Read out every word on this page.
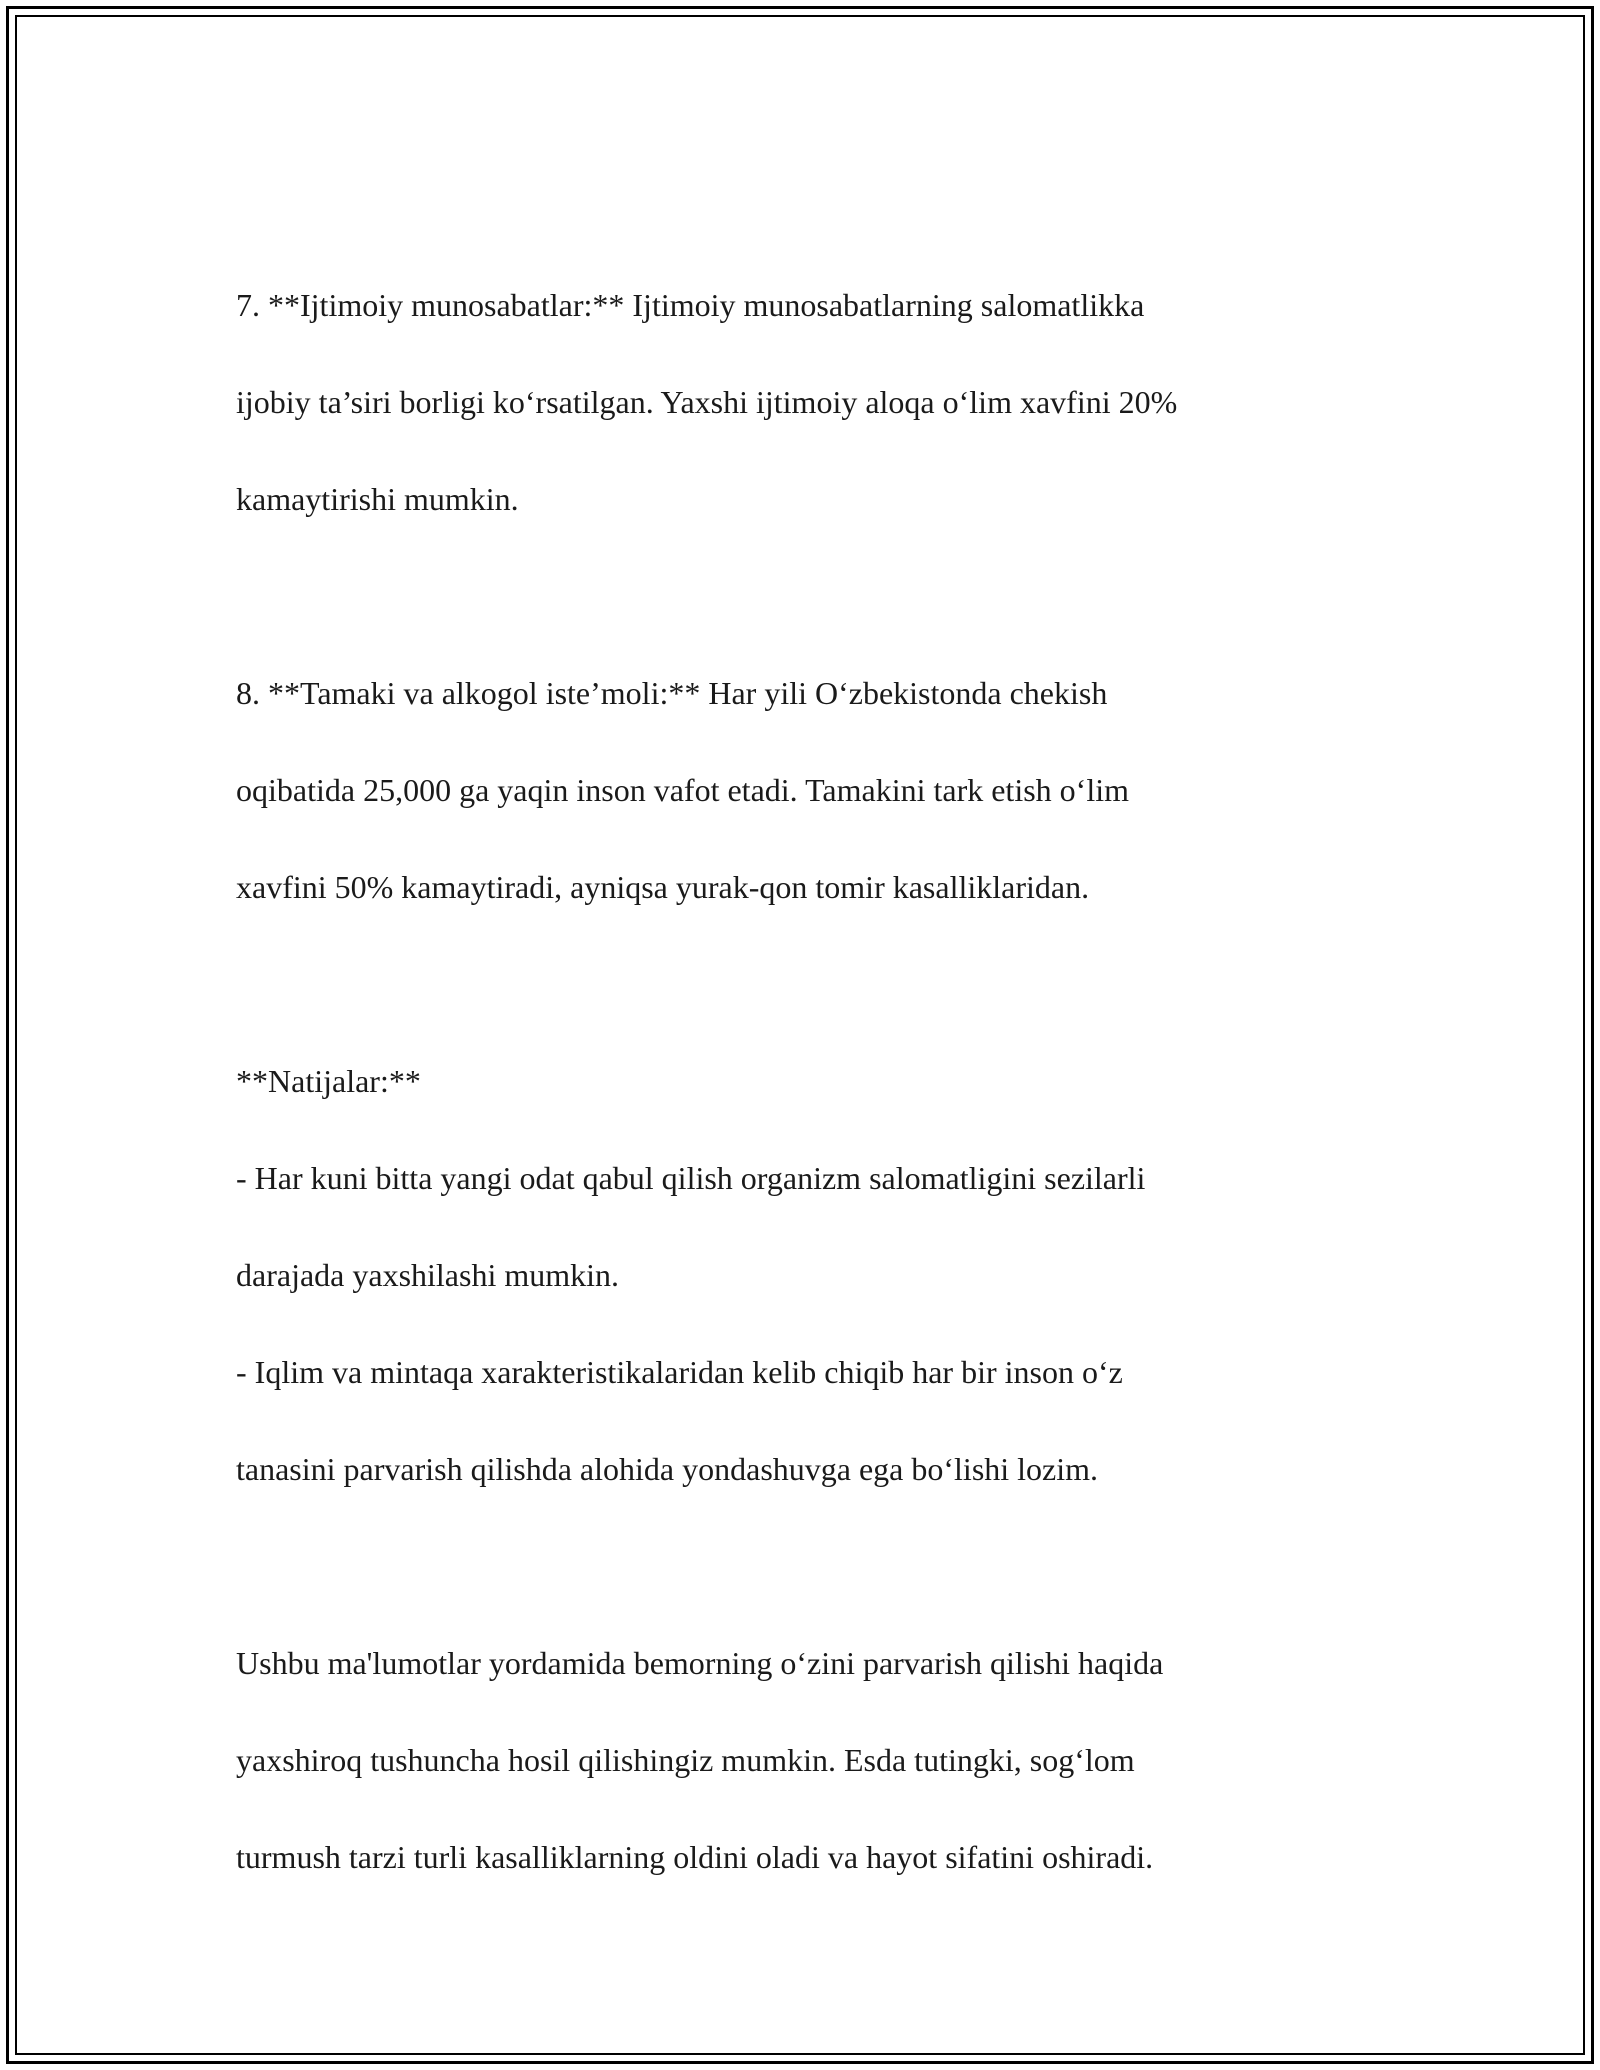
7. **Ijtimoiy munosabatlar:** Ijtimoiy munosabatlarning salomatlikka

ijobiy ta’siri borligi ko‘rsatilgan. Yaxshi ijtimoiy aloqa o‘lim xavfini 20%

kamaytirishi mumkin.

8. **Tamaki va alkogol iste’moli:** Har yili O‘zbekistonda chekish

oqibatida 25,000 ga yaqin inson vafot etadi. Tamakini tark etish o‘lim

xavfini 50% kamaytiradi, ayniqsa yurak-qon tomir kasalliklaridan.

**Natijalar:**

- Har kuni bitta yangi odat qabul qilish organizm salomatligini sezilarli

darajada yaxshilashi mumkin.

- Iqlim va mintaqa xarakteristikalaridan kelib chiqib har bir inson o‘z

tanasini parvarish qilishda alohida yondashuvga ega bo‘lishi lozim.

Ushbu ma'lumotlar yordamida bemorning o‘zini parvarish qilishi haqida

yaxshiroq tushuncha hosil qilishingiz mumkin. Esda tutingki, sog‘lom

turmush tarzi turli kasalliklarning oldini oladi va hayot sifatini oshiradi.
